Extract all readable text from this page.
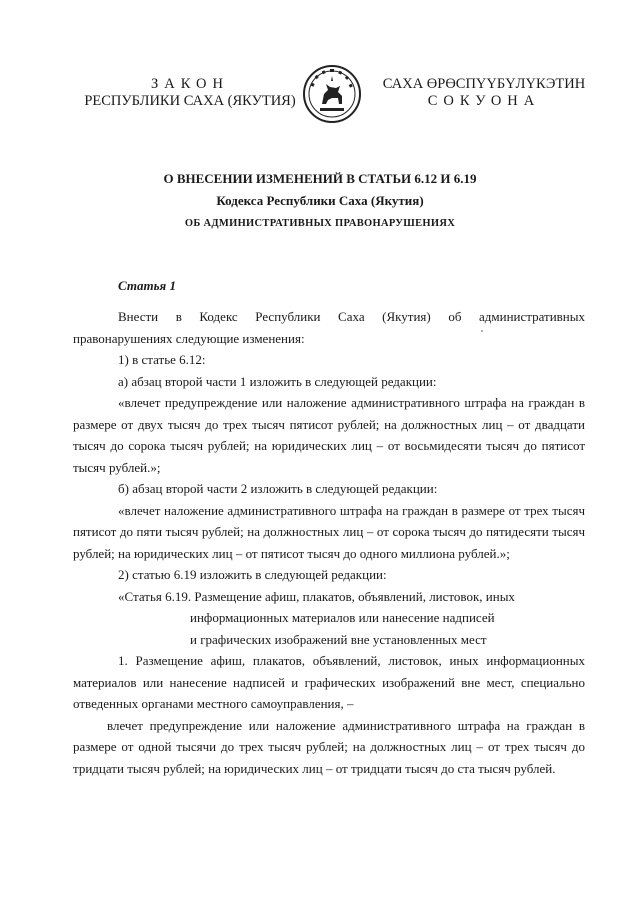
ЗАКОН
РЕСПУБЛИКИ САХА (ЯКУТИЯ)
САХА ӨРӨСПҮҮБҮЛҮКЭТИН
СОКУОНА
О ВНЕСЕНИИ ИЗМЕНЕНИЙ В СТАТЬИ 6.12 И 6.19
Кодекса Республики Саха (Якутия)
ОБ АДМИНИСТРАТИВНЫХ ПРАВОНАРУШЕНИЯХ
Статья 1

Внести в Кодекс Республики Саха (Якутия) об административных правонарушениях следующие изменения:

1) в статье 6.12:

а) абзац второй части 1 изложить в следующей редакции:

«влечет предупреждение или наложение административного штрафа на граждан в размере от двух тысяч до трех тысяч пятисот рублей; на должностных лиц – от двадцати тысяч до сорока тысяч рублей; на юридических лиц – от восьмидесяти тысяч до пятисот тысяч рублей.»;

б) абзац второй части 2 изложить в следующей редакции:

«влечет наложение административного штрафа на граждан в размере от трех тысяч пятисот до пяти тысяч рублей; на должностных лиц – от сорока тысяч до пятидесяти тысяч рублей; на юридических лиц – от пятисот тысяч до одного миллиона рублей.»;

2) статью 6.19 изложить в следующей редакции:

«Статья 6.19. Размещение афиш, плакатов, объявлений, листовок, иных

информационных материалов или нанесение надписей

и графических изображений вне установленных мест

1. Размещение афиш, плакатов, объявлений, листовок, иных информационных материалов или нанесение надписей и графических изображений вне мест, специально отведенных органами местного самоуправления, –

влечет предупреждение или наложение административного штрафа на граждан в размере от одной тысячи до трех тысяч рублей; на должностных лиц – от трех тысяч до тридцати тысяч рублей; на юридических лиц – от тридцати тысяч до ста тысяч рублей.
